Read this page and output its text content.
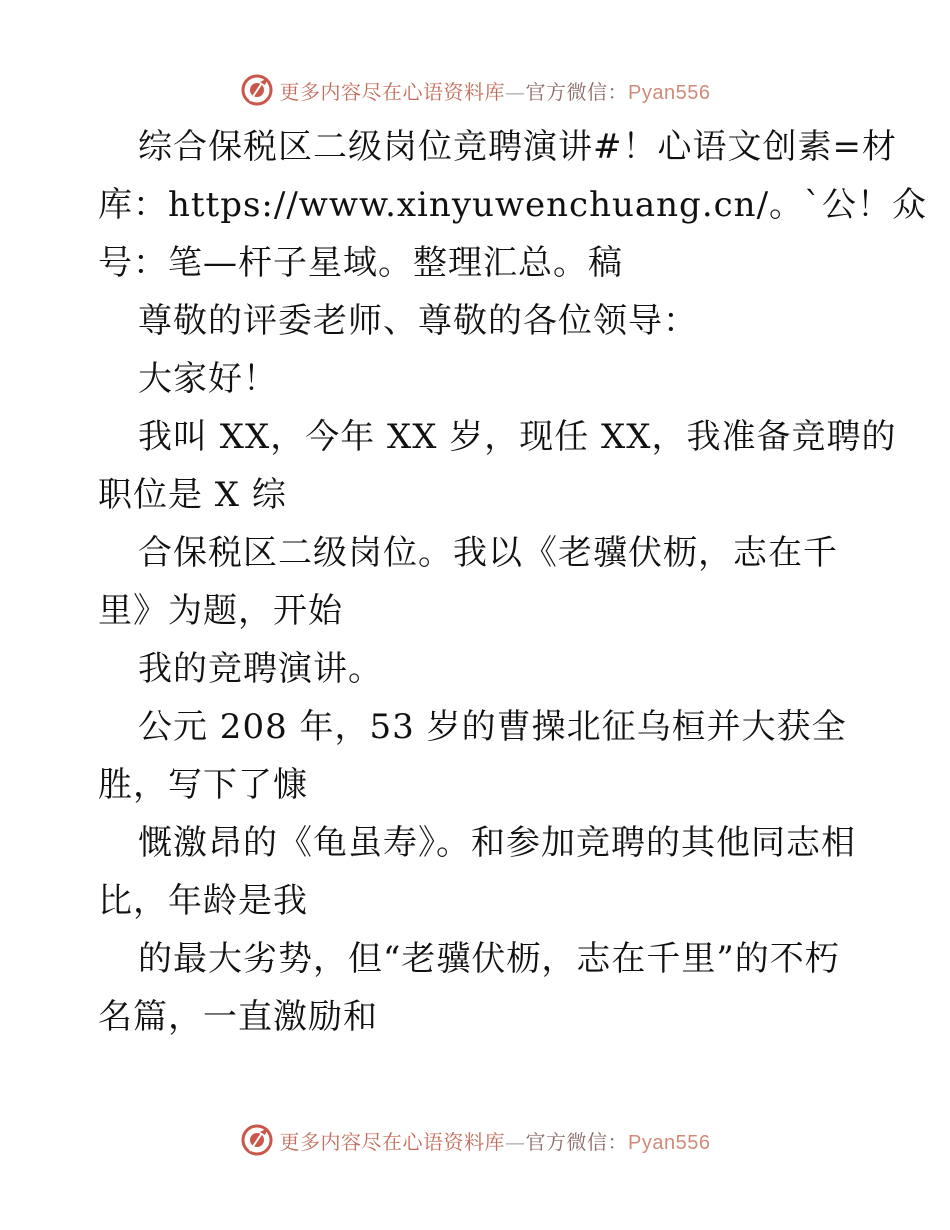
更多内容尽在心语资料库—官方微信：Pyan556
综合保税区二级岗位竞聘演讲#！心语文创素=材
库：https://www.xinyuwenchuang.cn/。`公！众
号：笔—杆子星域。整理汇总。稿
尊敬的评委老师、尊敬的各位领导：
大家好！
我叫 XX，今年 XX 岁，现任 XX，我准备竞聘的
职位是 X 综
合保税区二级岗位。我以《老骥伏枥，志在千
里》为题，开始
我的竞聘演讲。
公元 208 年，53 岁的曹操北征乌桓并大获全
胜，写下了慷
慨激昂的《龟虽寿》。和参加竞聘的其他同志相
比，年龄是我
的最大劣势，但“老骥伏枥，志在千里”的不朽
名篇，一直激励和
更多内容尽在心语资料库—官方微信：Pyan556
